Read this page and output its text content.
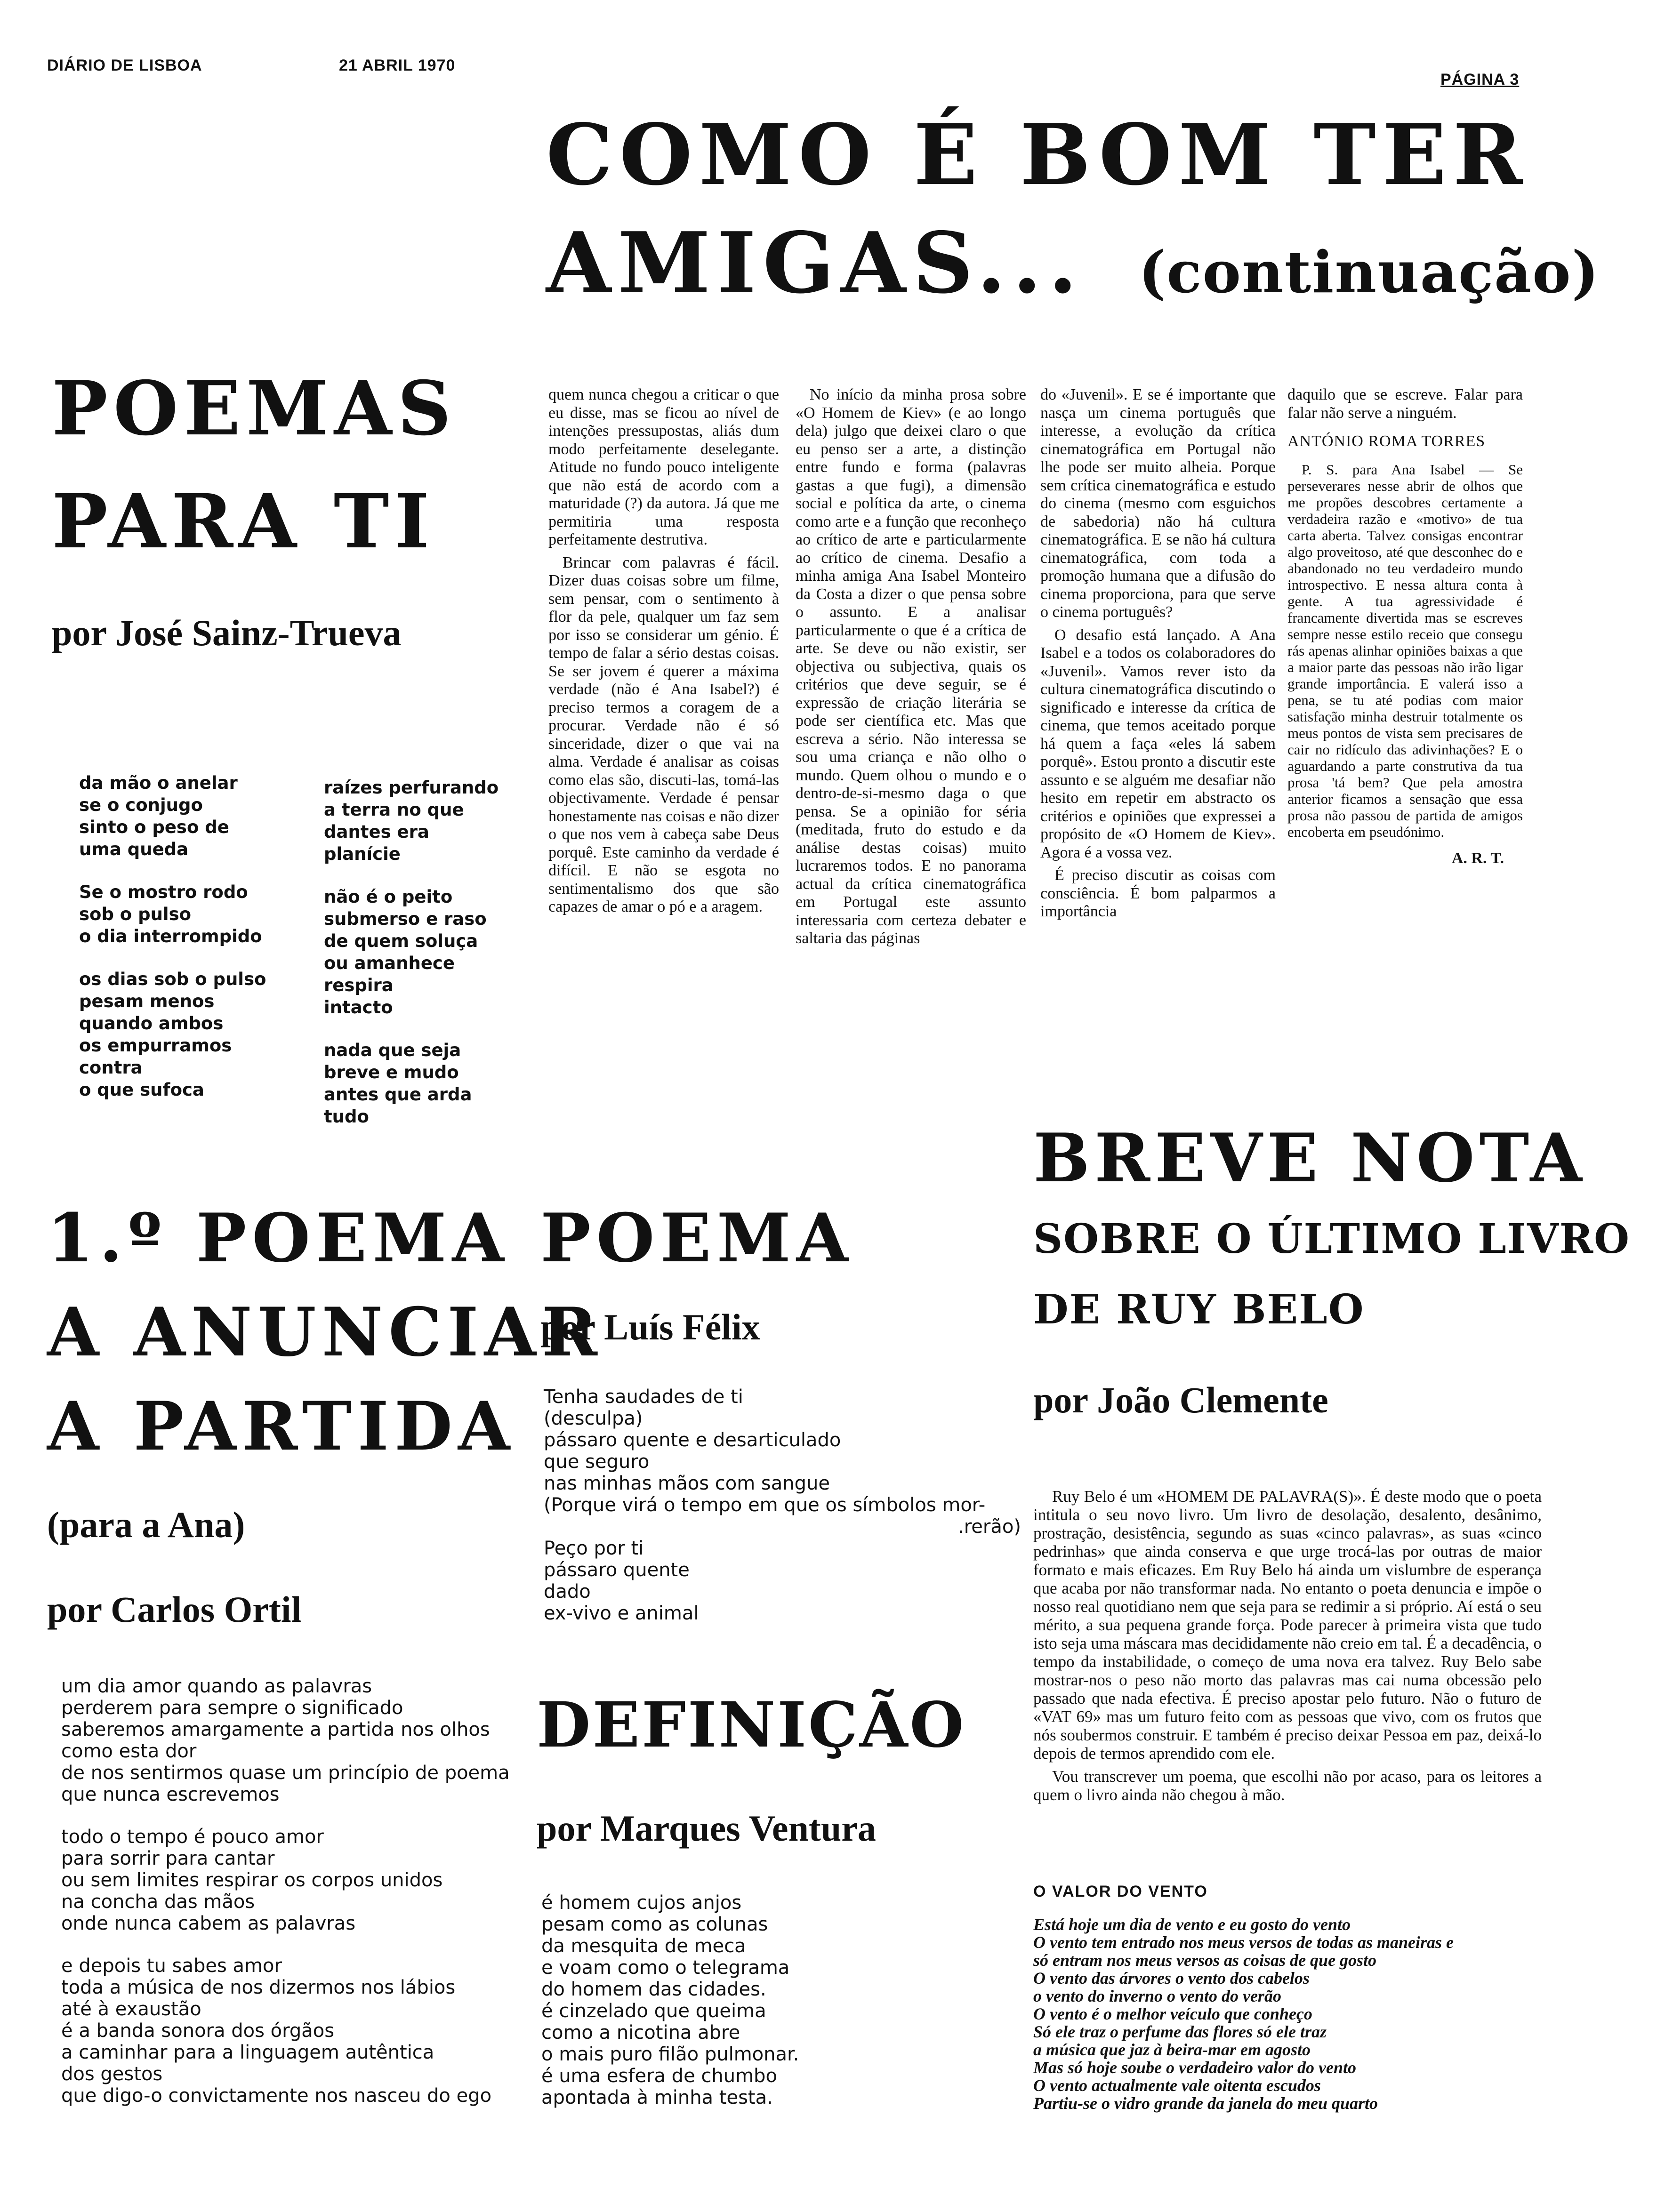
DIÁRIO DE LISBOA	21 ABRIL 1970
PÁGINA 3
COMO É BOM TER
AMIGAS... (continuação)
POEMAS
PARA TI
por José Sainz-Trueva
da mão o anelar
se o conjugo
sinto o peso de
uma queda
Se o mostro rodo
sob o pulso
o dia interrompido
os dias sob o pulso
pesam menos
quando ambos
os empurramos
contra
o que sufoca
raízes perfurando
a terra no que
dantes era
planície
não é o peito
submerso e raso
de quem soluça
ou amanhece
respira
intacto
nada que seja
breve e mudo
antes que arda
tudo

quem nunca chegou a criticar o que eu disse, mas se ficou ao nível de intenções pressupostas, aliás dum modo perfeitamente deselegante. Atitude no fundo pouco inteligente que não está de acordo com a maturidade (?) da autora. Já que me permitiria uma resposta perfeitamente destrutiva.

Brincar com palavras é fácil. Dizer duas coisas sobre um filme, sem pensar, com o sentimento à flor da pele, qualquer um faz sem por isso se considerar um génio. É tempo de falar a sério destas coisas. Se ser jovem é querer a máxima verdade (não é Ana Isabel?) é preciso termos a coragem de a procurar. Verdade não é só sinceridade, dizer o que vai na alma. Verdade é analisar as coisas como elas são, discuti-las, tomá-las objectivamente. Verdade é pensar honestamente nas coisas e não dizer o que nos vem à cabeça sabe Deus porquê. Este caminho da verdade é difícil. E não se esgota no sentimentalismo dos que são capazes de amar o pó e a aragem.

No início da minha prosa sobre «O Homem de Kiev» (e ao longo dela) julgo que deixei claro o que eu penso ser a arte, a distinção entre fundo e forma (palavras gastas a que fugi), a dimensão social e política da arte, o cinema como arte e a função que reconheço ao crítico de arte e particularmente ao crítico de cinema. Desafio a minha amiga Ana Isabel Monteiro da Costa a dizer o que pensa sobre o assunto. E a analisar particularmente o que é a crítica de arte. Se deve ou não existir, ser objectiva ou subjectiva, quais os critérios que deve seguir, se é expressão de criação literária se pode ser científica etc. Mas que escreva a sério. Não interessa se sou uma criança e não olho o mundo. Quem olhou o mundo e o dentro-de-si-mesmo daga o que pensa. Se a opinião for séria (meditada, fruto do estudo e da análise destas coisas) muito lucraremos todos. E no panorama actual da crítica cinematográfica em Portugal este assunto interessaria com certeza debater e saltaria das páginas

do «Juvenil». E se é importante que nasça um cinema português que interesse, a evolução da crítica cinematográfica em Portugal não lhe pode ser muito alheia. Porque sem crítica cinematográfica e estudo do cinema (mesmo com esguichos de sabedoria) não há cultura cinematográfica. E se não há cultura cinematográfica, com toda a promoção humana que a difusão do cinema proporciona, para que serve o cinema português?

O desafio está lançado. A Ana Isabel e a todos os colaboradores do «Juvenil». Vamos rever isto da cultura cinematográfica discutindo o significado e interesse da crítica de cinema, que temos aceitado porque há quem a faça «eles lá sabem porquê». Estou pronto a discutir este assunto e se alguém me desafiar não hesito em repetir em abstracto os critérios e opiniões que expressei a propósito de «O Homem de Kiev». Agora é a vossa vez.

É preciso discutir as coisas com consciência. É bom palparmos a importância

daquilo que se escreve. Falar para falar não serve a ninguém.

ANTÓNIO ROMA TORRES

P. S. para Ana Isabel — Se perseverares nesse abrir de olhos que me propões descobres certamente a verdadeira razão e «motivo» de tua carta aberta. Talvez consigas encontrar algo proveitoso, até que desconhec do e abandonado no teu verdadeiro mundo introspectivo. E nessa altura conta à gente. A tua agressividade é francamente divertida mas se escreves sempre nesse estilo receio que consegu rás apenas alinhar opiniões baixas a que a maior parte das pessoas não irão ligar grande importância. E valerá isso a pena, se tu até podias com maior satisfação minha destruir totalmente os meus pontos de vista sem precisares de cair no ridículo das adivinhações? E o aguardando a parte construtiva da tua prosa 'tá bem? Que pela amostra anterior ficamos a sensação que essa prosa não passou de partida de amigos encoberta em pseudónimo.

A. R. T.
1.º POEMA
A ANUNCIAR
A PARTIDA
(para a Ana)
por Carlos Ortil
um dia amor quando as palavras
perderem para sempre o significado
saberemos amargamente a partida nos olhos
como esta dor
de nos sentirmos quase um princípio de poema
que nunca escrevemos
todo o tempo é pouco amor
para sorrir para cantar
ou sem limites respirar os corpos unidos
na concha das mãos
onde nunca cabem as palavras
e depois tu sabes amor
toda a música de nos dizermos nos lábios
até à exaustão
é a banda sonora dos órgãos
a caminhar para a linguagem autêntica
dos gestos
que digo-o convictamente nos nasceu do ego
POEMA
por Luís Félix
Tenha saudades de ti
(desculpa)
pássaro quente e desarticulado
que seguro
nas minhas mãos com sangue
(Porque virá o tempo em que os símbolos mor-
.rerão)
Peço por ti
pássaro quente
dado
ex-vivo e animal
DEFINIÇÃO
por Marques Ventura
é homem cujos anjos
pesam como as colunas
da mesquita de meca
e voam como o telegrama
do homem das cidades.
é cinzelado que queima
como a nicotina abre
o mais puro filão pulmonar.
é uma esfera de chumbo
apontada à minha testa.
BREVE NOTA
SOBRE O ÚLTIMO LIVRO
DE RUY BELO
por João Clemente

Ruy Belo é um «HOMEM DE PALAVRA(S)». É deste modo que o poeta intitula o seu novo livro. Um livro de desolação, desalento, desânimo, prostração, desistência, segundo as suas «cinco palavras», as suas «cinco pedrinhas» que ainda conserva e que urge trocá-las por outras de maior formato e mais eficazes. Em Ruy Belo há ainda um vislumbre de esperança que acaba por não transformar nada. No entanto o poeta denuncia e impõe o nosso real quotidiano nem que seja para se redimir a si próprio. Aí está o seu mérito, a sua pequena grande força. Pode parecer à primeira vista que tudo isto seja uma máscara mas decididamente não creio em tal. É a decadência, o tempo da instabilidade, o começo de uma nova era talvez. Ruy Belo sabe mostrar-nos o peso não morto das palavras mas cai numa obcessão pelo passado que nada efectiva. É preciso apostar pelo futuro. Não o futuro de «VAT 69» mas um futuro feito com as pessoas que vivo, com os frutos que nós soubermos construir. E também é preciso deixar Pessoa em paz, deixá-lo depois de termos aprendido com ele.

Vou transcrever um poema, que escolhi não por acaso, para os leitores a quem o livro ainda não chegou à mão.

O VALOR DO VENTO
Está hoje um dia de vento e eu gosto do vento
O vento tem entrado nos meus versos de todas as maneiras e
só entram nos meus versos as coisas de que gosto
O vento das árvores o vento dos cabelos
o vento do inverno o vento do verão
O vento é o melhor veículo que conheço
Só ele traz o perfume das flores só ele traz
a música que jaz à beira-mar em agosto
Mas só hoje soube o verdadeiro valor do vento
O vento actualmente vale oitenta escudos
Partiu-se o vidro grande da janela do meu quarto
